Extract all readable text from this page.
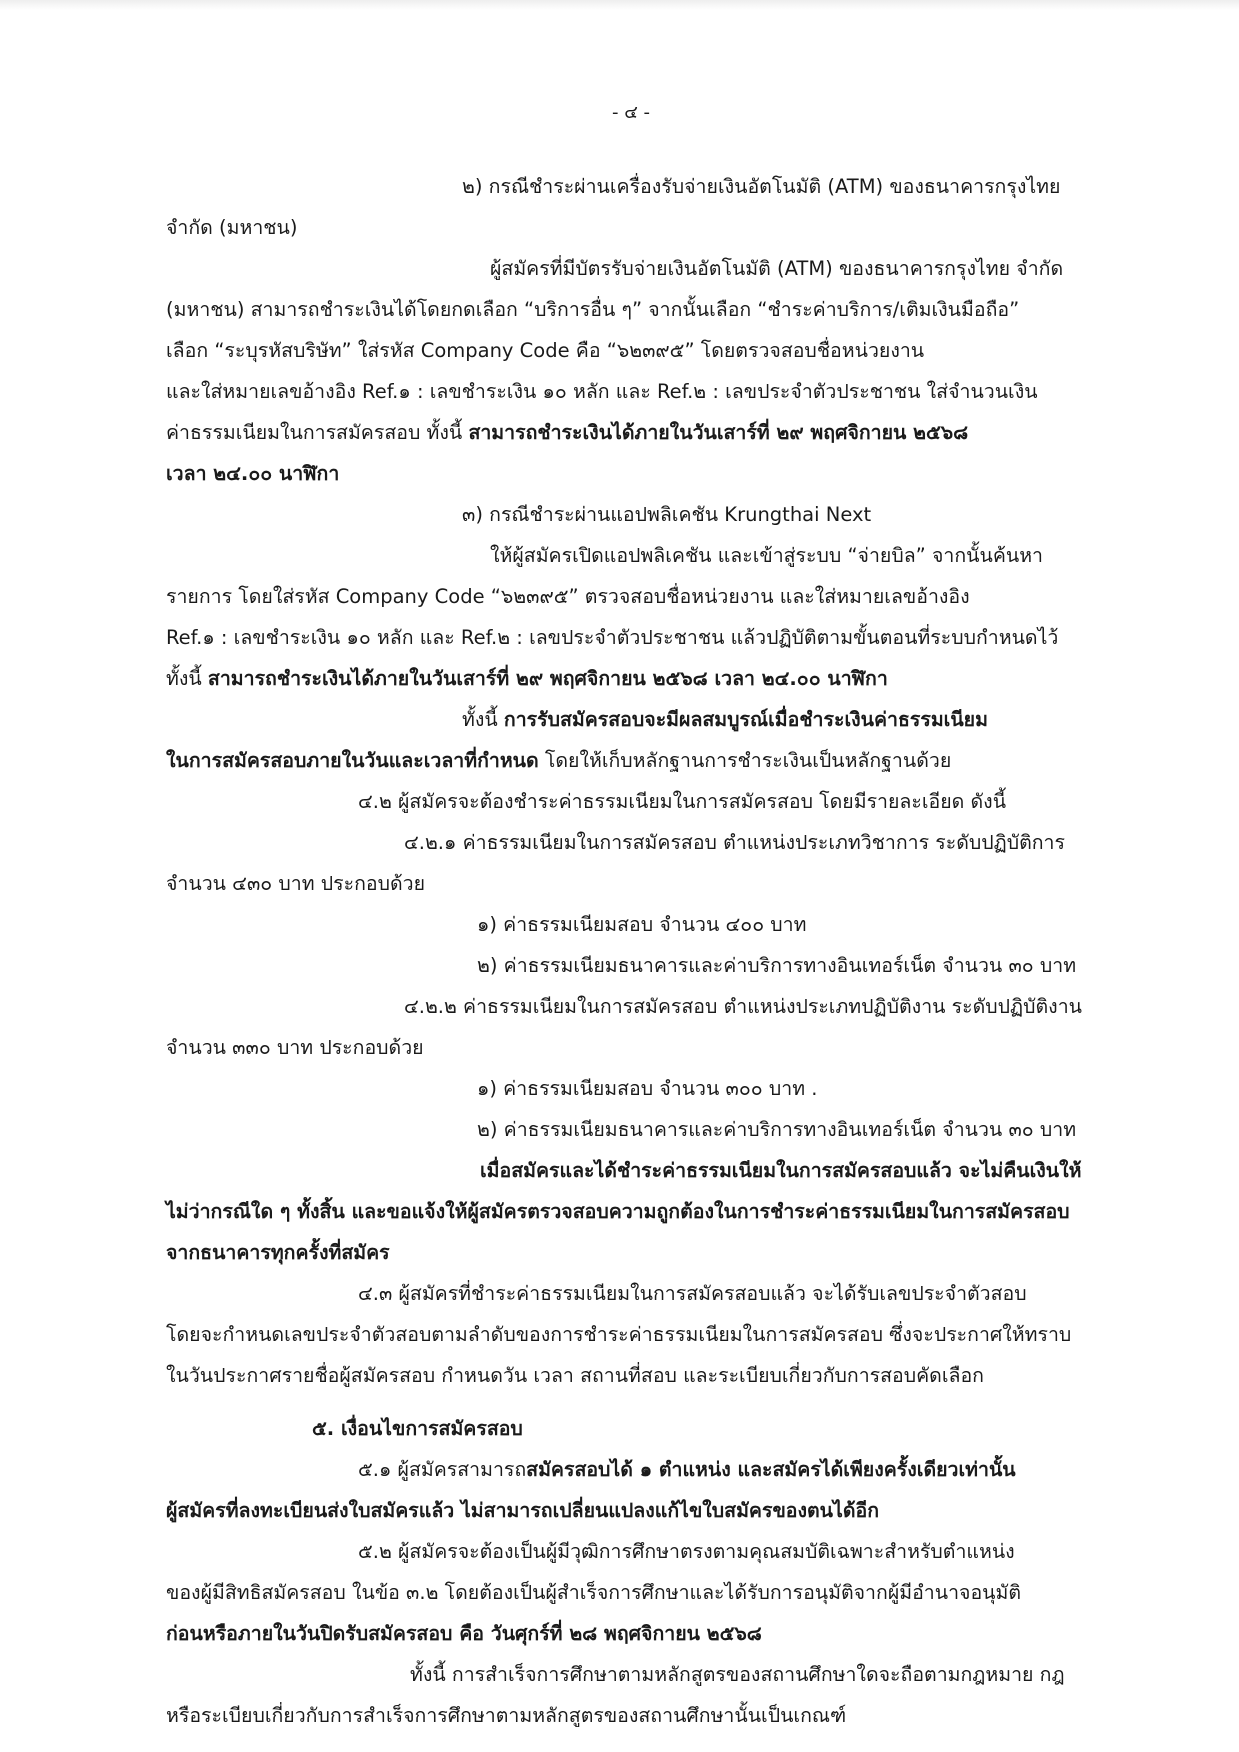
- ๔ -
๒) กรณีชำระผ่านเครื่องรับจ่ายเงินอัตโนมัติ (ATM) ของธนาคารกรุงไทย
จำกัด (มหาชน)
ผู้สมัครที่มีบัตรรับจ่ายเงินอัตโนมัติ (ATM) ของธนาคารกรุงไทย จำกัด
(มหาชน) สามารถชำระเงินได้โดยกดเลือก “บริการอื่น ๆ” จากนั้นเลือก “ชำระค่าบริการ/เติมเงินมือถือ”
เลือก “ระบุรหัสบริษัท” ใส่รหัส Company Code คือ “๖๒๓๙๕” โดยตรวจสอบชื่อหน่วยงาน
และใส่หมายเลขอ้างอิง Ref.๑ : เลขชำระเงิน ๑๐ หลัก และ Ref.๒ : เลขประจำตัวประชาชน ใส่จำนวนเงิน
ค่าธรรมเนียมในการสมัครสอบ ทั้งนี้ สามารถชำระเงินได้ภายในวันเสาร์ที่ ๒๙ พฤศจิกายน ๒๕๖๘
เวลา ๒๔.๐๐ นาฬิกา
๓) กรณีชำระผ่านแอปพลิเคชัน Krungthai Next
ให้ผู้สมัครเปิดแอปพลิเคชัน และเข้าสู่ระบบ “จ่ายบิล” จากนั้นค้นหา
รายการ โดยใส่รหัส Company Code “๖๒๓๙๕” ตรวจสอบชื่อหน่วยงาน และใส่หมายเลขอ้างอิง
Ref.๑ : เลขชำระเงิน ๑๐ หลัก และ Ref.๒ : เลขประจำตัวประชาชน แล้วปฏิบัติตามขั้นตอนที่ระบบกำหนดไว้
ทั้งนี้ สามารถชำระเงินได้ภายในวันเสาร์ที่ ๒๙ พฤศจิกายน ๒๕๖๘ เวลา ๒๔.๐๐ นาฬิกา
ทั้งนี้ การรับสมัครสอบจะมีผลสมบูรณ์เมื่อชำระเงินค่าธรรมเนียม
ในการสมัครสอบภายในวันและเวลาที่กำหนด โดยให้เก็บหลักฐานการชำระเงินเป็นหลักฐานด้วย
๔.๒ ผู้สมัครจะต้องชำระค่าธรรมเนียมในการสมัครสอบ โดยมีรายละเอียด ดังนี้
๔.๒.๑ ค่าธรรมเนียมในการสมัครสอบ ตำแหน่งประเภทวิชาการ ระดับปฏิบัติการ
จำนวน ๔๓๐ บาท ประกอบด้วย
๑) ค่าธรรมเนียมสอบ จำนวน ๔๐๐ บาท
๒) ค่าธรรมเนียมธนาคารและค่าบริการทางอินเทอร์เน็ต จำนวน ๓๐ บาท
๔.๒.๒ ค่าธรรมเนียมในการสมัครสอบ ตำแหน่งประเภทปฏิบัติงาน ระดับปฏิบัติงาน
จำนวน ๓๓๐ บาท ประกอบด้วย
๑) ค่าธรรมเนียมสอบ จำนวน ๓๐๐ บาท .
๒) ค่าธรรมเนียมธนาคารและค่าบริการทางอินเทอร์เน็ต จำนวน ๓๐ บาท
เมื่อสมัครและได้ชำระค่าธรรมเนียมในการสมัครสอบแล้ว จะไม่คืนเงินให้
ไม่ว่ากรณีใด ๆ ทั้งสิ้น และขอแจ้งให้ผู้สมัครตรวจสอบความถูกต้องในการชำระค่าธรรมเนียมในการสมัครสอบ
จากธนาคารทุกครั้งที่สมัคร
๔.๓ ผู้สมัครที่ชำระค่าธรรมเนียมในการสมัครสอบแล้ว จะได้รับเลขประจำตัวสอบ
โดยจะกำหนดเลขประจำตัวสอบตามลำดับของการชำระค่าธรรมเนียมในการสมัครสอบ ซึ่งจะประกาศให้ทราบ
ในวันประกาศรายชื่อผู้สมัครสอบ กำหนดวัน เวลา สถานที่สอบ และระเบียบเกี่ยวกับการสอบคัดเลือก
๕. เงื่อนไขการสมัครสอบ
๕.๑ ผู้สมัครสามารถสมัครสอบได้ ๑ ตำแหน่ง และสมัครได้เพียงครั้งเดียวเท่านั้น
ผู้สมัครที่ลงทะเบียนส่งใบสมัครแล้ว ไม่สามารถเปลี่ยนแปลงแก้ไขใบสมัครของตนได้อีก
๕.๒ ผู้สมัครจะต้องเป็นผู้มีวุฒิการศึกษาตรงตามคุณสมบัติเฉพาะสำหรับตำแหน่ง
ของผู้มีสิทธิสมัครสอบ ในข้อ ๓.๒ โดยต้องเป็นผู้สำเร็จการศึกษาและได้รับการอนุมัติจากผู้มีอำนาจอนุมัติ
ก่อนหรือภายในวันปิดรับสมัครสอบ คือ วันศุกร์ที่ ๒๘ พฤศจิกายน ๒๕๖๘
ทั้งนี้ การสำเร็จการศึกษาตามหลักสูตรของสถานศึกษาใดจะถือตามกฎหมาย กฎ
หรือระเบียบเกี่ยวกับการสำเร็จการศึกษาตามหลักสูตรของสถานศึกษานั้นเป็นเกณฑ์
